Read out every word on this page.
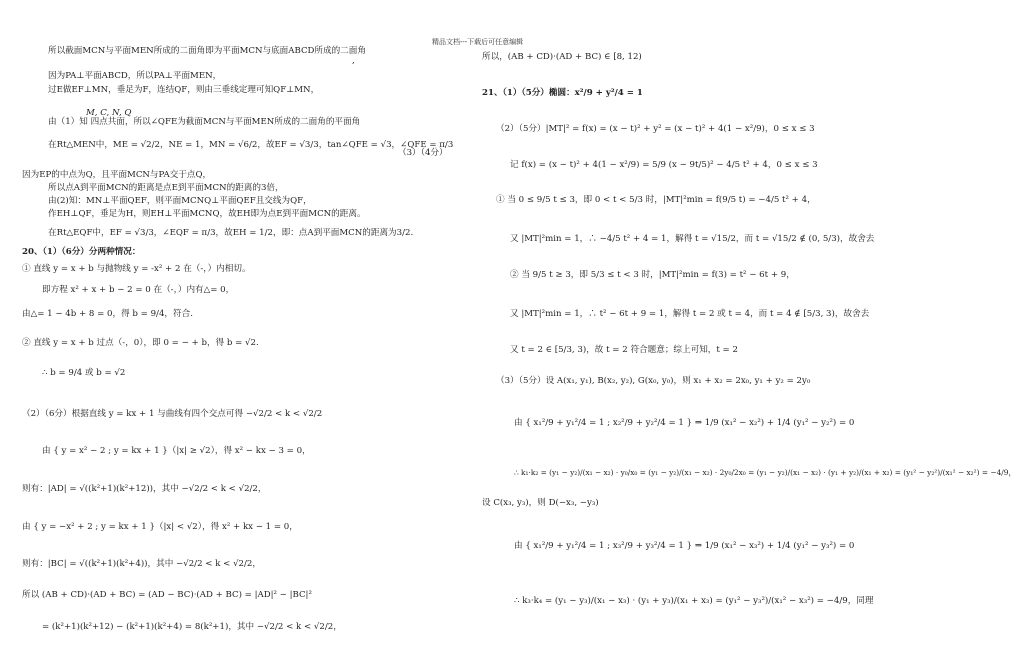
精品文档---下载后可任意编辑
所以截面MCN与平面MEN所成的二面角即为平面MCN与底面ABCD所成的二面角
,
因为PA⊥平面ABCD，所以PA⊥平面MEN，
过E做EF⊥MN，垂足为F，连结QF，则由三垂线定理可知QF⊥MN，
M, C, N, Q
由（1）知 四点共面，所以∠QFE为截面MCN与平面MEN所成的二面角的平面角
在Rt△MEN中，ME = √2/2，NE = 1，MN = √6/2，故EF = √3/3，tan∠QFE = √3，∠QFE = π/3
（3）（4分）
因为EP的中点为Q，且平面MCN与PA交于点Q，
所以点A到平面MCN的距离是点E到平面MCN的距离的3倍，
由(2)知：MN⊥平面QEF，则平面MCNQ⊥平面QEF且交线为QF，
作EH⊥QF，垂足为H，则EH⊥平面MCNQ，故EH即为点E到平面MCN的距离。
在Rt△EQF中，EF = √3/3，∠EQF = π/3，故EH = 1/2，即：点A到平面MCN的距离为3/2.
20、（1）（6分）分两种情况：
① 直线 y = x + b 与抛物线 y = -x² + 2 在（-，）内相切。
即方程 x² + x + b − 2 = 0 在（-，）内有△= 0，
由△= 1 − 4b + 8 = 0，得 b = 9/4，符合.
② 直线 y = x + b 过点（-，0），即 0 = − + b，得 b = √2.
∴ b = 9/4 或 b = √2
（2）（6分）根据直线 y = kx + 1 与曲线有四个交点可得 −√2/2 < k < √2/2
由 { y = x² − 2 ; y = kx + 1 }（|x| ≥ √2），得 x² − kx − 3 = 0，
则有：|AD| = √((k²+1)(k²+12))，其中 −√2/2 < k < √2/2，
由 { y = −x² + 2 ; y = kx + 1 }（|x| < √2），得 x² + kx − 1 = 0，
则有：|BC| = √((k²+1)(k²+4))，其中 −√2/2 < k < √2/2，
所以 (AB + CD)·(AD + BC) = (AD − BC)·(AD + BC) = |AD|² − |BC|²
= (k²+1)(k²+12) − (k²+1)(k²+4) = 8(k²+1)，其中 −√2/2 < k < √2/2，
所以，(AB + CD)·(AD + BC) ∈ [8, 12)
21、（1）（5分）椭圆：x²/9 + y²/4 = 1
（2）（5分）|MT|² = f(x) = (x − t)² + y² = (x − t)² + 4(1 − x²/9)，0 ≤ x ≤ 3
记 f(x) = (x − t)² + 4(1 − x²/9) = 5/9 (x − 9t/5)² − 4/5 t² + 4，0 ≤ x ≤ 3
① 当 0 ≤ 9/5 t ≤ 3，即 0 < t < 5/3 时，|MT|²min = f(9/5 t) = −4/5 t² + 4，
又 |MT|²min = 1，∴ −4/5 t² + 4 = 1，解得 t = √15/2，而 t = √15/2 ∉ (0, 5/3)，故舍去
② 当 9/5 t ≥ 3，即 5/3 ≤ t < 3 时，|MT|²min = f(3) = t² − 6t + 9，
又 |MT|²min = 1，∴ t² − 6t + 9 = 1，解得 t = 2 或 t = 4，而 t = 4 ∉ [5/3, 3)，故舍去
又 t = 2 ∈ [5/3, 3)，故 t = 2 符合题意；综上可知，t = 2
（3）（5分）设 A(x₁, y₁), B(x₂, y₂), G(x₀, y₀)，则 x₁ + x₂ = 2x₀, y₁ + y₂ = 2y₀
由 { x₁²/9 + y₁²/4 = 1 ; x₂²/9 + y₂²/4 = 1 } ⇒ 1/9 (x₁² − x₂²) + 1/4 (y₁² − y₂²) = 0
∴ k₁·k₂ = (y₁ − y₂)/(x₁ − x₂) · y₀/x₀ = (y₁ − y₂)/(x₁ − x₂) · 2y₀/2x₀ = (y₁ − y₂)/(x₁ − x₂) · (y₁ + y₂)/(x₁ + x₂) = (y₁² − y₂²)/(x₁² − x₂²) = −4/9，
设 C(x₃, y₃)，则 D(−x₃, −y₃)
由 { x₁²/9 + y₁²/4 = 1 ; x₃²/9 + y₃²/4 = 1 } ⇒ 1/9 (x₁² − x₃²) + 1/4 (y₁² − y₃²) = 0
∴ k₃·k₄ = (y₁ − y₃)/(x₁ − x₃) · (y₁ + y₃)/(x₁ + x₃) = (y₁² − y₃²)/(x₁² − x₃²) = −4/9，同理
